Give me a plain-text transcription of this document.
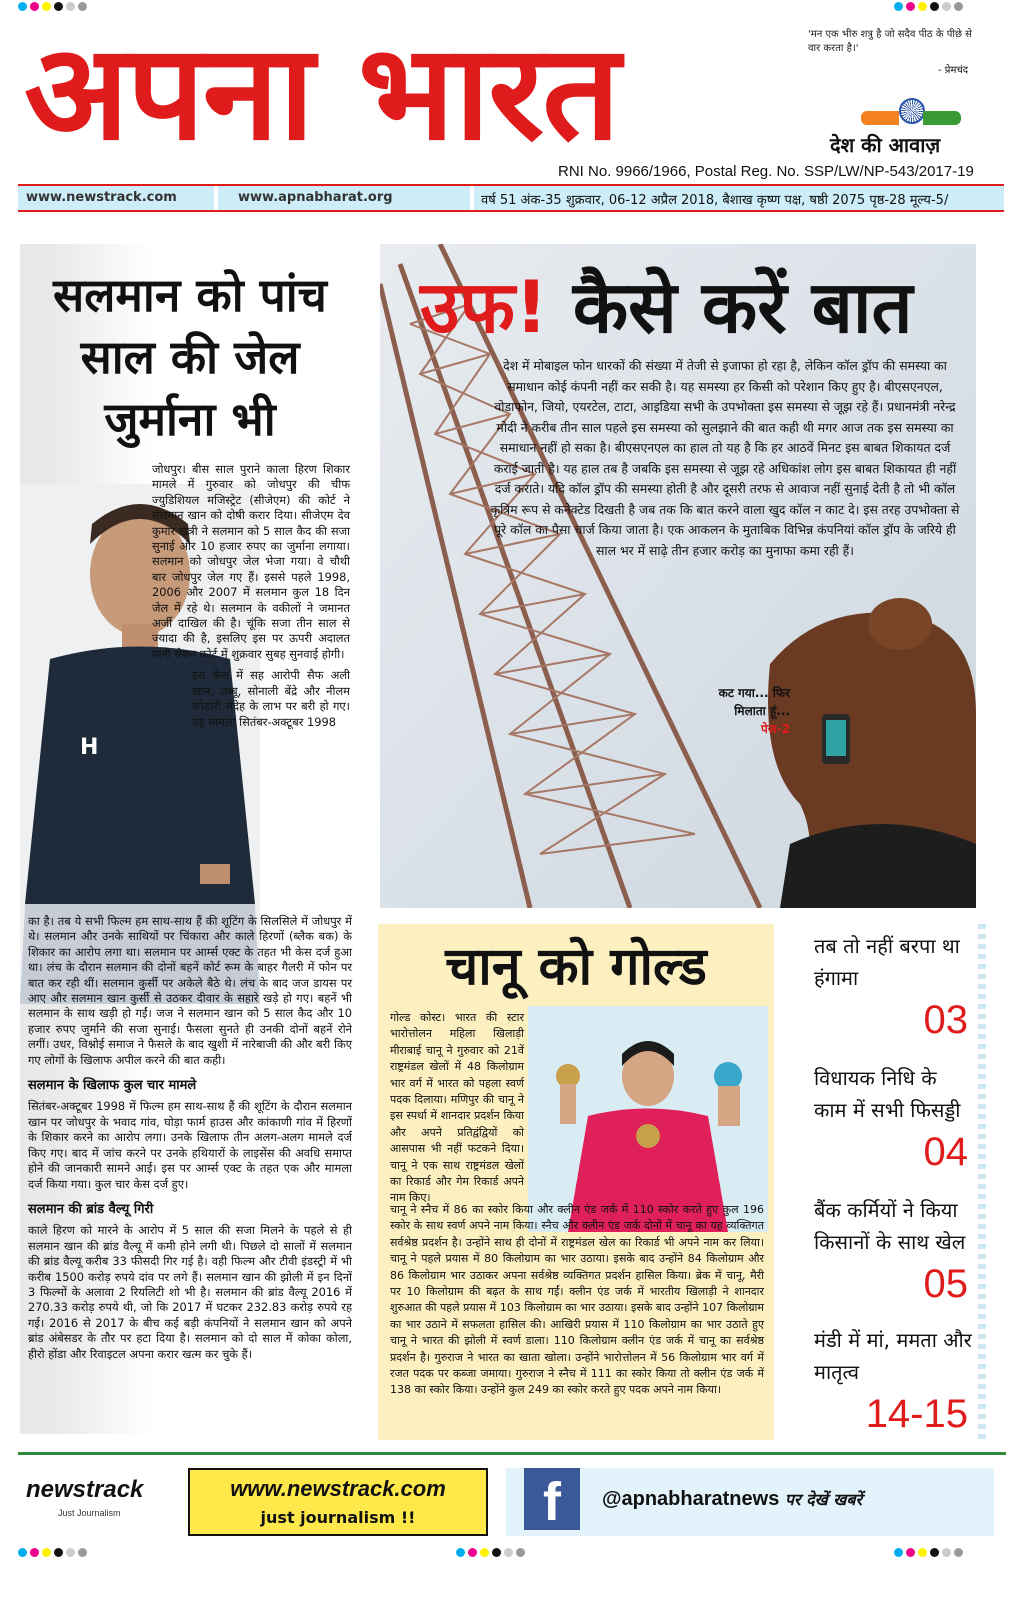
अपना भारत	'मन एक भीरु शत्रु है जो सदैव पीठ के पीछे से वार करता है।'
- प्रेमचंद
देश की आवाज़
RNI No. 9966/1966, Postal Reg. No. SSP/LW/NP-543/2017-19
www.newstrack.com	www.apnabharat.org	वर्ष 51 अंक-35 शुक्रवार, 06-12 अप्रैल 2018, बैशाख कृष्ण पक्ष, षष्ठी 2075 पृष्ठ-28 मूल्य-5/
सलमान को पांच साल की जेल जुर्माना भी
H

जोधपुर। बीस साल पुराने काला हिरण शिकार मामले में गुरुवार को जोधपुर की चीफ ज्युडिशियल मजिस्ट्रेट (सीजेएम) की कोर्ट ने सलमान खान को दोषी करार दिया। सीजेएम देव कुमार खत्री ने सलमान को 5 साल कैद की सजा सुनाई और 10 हजार रुपए का जुर्माना लगाया। सलमान को जोधपुर जेल भेजा गया। वे चौथी बार जोधपुर जेल गए हैं। इससे पहले 1998, 2006 और 2007 में सलमान कुल 18 दिन जेल में रहे थे। सलमान के वकीलों ने जमानत अर्जी दाखिल की है। चूंकि सजा तीन साल से ज्यादा की है, इसलिए इस पर ऊपरी अदालत यानी सेशन कोर्ट में शुक्रवार सुबह सुनवाई होगी।

इस केस में सह आरोपी सैफ अली खान, तब्बू, सोनाली बेंद्रे और नीलम कोठारी संदेह के लाभ पर बरी हो गए। यह मामला सितंबर-अक्टूबर 1998

का है। तब ये सभी फिल्म हम साथ-साथ हैं की शूटिंग के सिलसिले में जोधपुर में थे। सलमान और उनके साथियों पर चिंकारा और काले हिरणों (ब्लैक बक) के शिकार का आरोप लगा था। सलमान पर आर्म्स एक्ट के तहत भी केस दर्ज हुआ था। लंच के दौरान सलमान की दोनों बहनें कोर्ट रूम के बाहर गैलरी में फोन पर बात कर रही थीं। सलमान कुर्सी पर अकेले बैठे थे। लंच के बाद जज डायस पर आए और सलमान खान कुर्सी से उठकर दीवार के सहारे खड़े हो गए। बहनें भी सलमान के साथ खड़ी हो गईं। जज ने सलमान खान को 5 साल कैद और 10 हजार रुपए जुर्माने की सजा सुनाई। फैसला सुनते ही उनकी दोनों बहनें रोने लगीं। उधर, विश्नोई समाज ने फैसले के बाद खुशी में नारेबाजी की और बरी किए गए लोगों के खिलाफ अपील करने की बात कही।

सलमान के खिलाफ कुल चार मामले

सितंबर-अक्टूबर 1998 में फिल्म हम साथ-साथ हैं की शूटिंग के दौरान सलमान खान पर जोधपुर के भवाद गांव, घोड़ा फार्म हाउस और कांकाणी गांव में हिरणों के शिकार करने का आरोप लगा। उनके खिलाफ तीन अलग-अलग मामले दर्ज किए गए। बाद में जांच करने पर उनके हथियारों के लाइसेंस की अवधि समाप्त होने की जानकारी सामने आई। इस पर आर्म्स एक्ट के तहत एक और मामला दर्ज किया गया। कुल चार केस दर्ज हुए।

सलमान की ब्रांड वैल्यू गिरी

काले हिरण को मारने के आरोप में 5 साल की सजा मिलने के पहले से ही सलमान खान की ब्रांड वैल्यू में कमी होने लगी थी। पिछले दो सालों में सलमान की ब्रांड वैल्यू करीब 33 फीसदी गिर गई है। वही फिल्म और टीवी इंडस्ट्री में भी करीब 1500 करोड़ रुपये दांव पर लगे हैं। सलमान खान की झोली में इन दिनों 3 फिल्मों के अलावा 2 रियलिटी शो भी है। सलमान की ब्रांड वैल्यू 2016 में 270.33 करोड़ रुपये थी, जो कि 2017 में घटकर 232.83 करोड़ रुपये रह गई। 2016 से 2017 के बीच कई बड़ी कंपनियों ने सलमान खान को अपने ब्रांड अंबेसडर के तौर पर हटा दिया है। सलमान को दो साल में कोका कोला, हीरो होंडा और रिवाइटल अपना करार खत्म कर चुके हैं।

उफ! कैसे करें बात
देश में मोबाइल फोन धारकों की संख्या में तेजी से इजाफा हो रहा है, लेकिन कॉल ड्रॉप की समस्या का समाधान कोई कंपनी नहीं कर सकी है। यह समस्या हर किसी को परेशान किए हुए है। बीएसएनएल, वोडाफोन, जियो, एयरटेल, टाटा, आइडिया सभी के उपभोक्ता इस समस्या से जूझ रहे हैं। प्रधानमंत्री नरेन्द्र मोदी ने करीब तीन साल पहले इस समस्या को सुलझाने की बात कही थी मगर आज तक इस समस्या का समाधान नहीं हो सका है। बीएसएनएल का हाल तो यह है कि हर आठवें मिनट इस बाबत शिकायत दर्ज कराई जाती है। यह हाल तब है जबकि इस समस्या से जूझ रहे अधिकांश लोग इस बाबत शिकायत ही नहीं दर्ज कराते। यदि कॉल ड्रॉप की समस्या होती है और दूसरी तरफ से आवाज नहीं सुनाई देती है तो भी कॉल कृत्रिम रूप से कनेक्टेड दिखती है जब तक कि बात करने वाला खुद कॉल न काट दे। इस तरह उपभोक्ता से पूरे कॉल का पैसा चार्ज किया जाता है। एक आकलन के मुताबिक विभिन्न कंपनियां कॉल ड्रॉप के जरिये ही साल भर में साढ़े तीन हजार करोड़ का मुनाफा कमा रही हैं।
कट गया... फिर मिलाता हूं...
पेज-2
चानू को गोल्ड
गोल्ड कोस्ट। भारत की स्टार भारोत्तोलन महिला खिलाड़ी मीराबाई चानू ने गुरुवार को 21वें राष्ट्रमंडल खेलों में 48 किलोग्राम भार वर्ग में भारत को पहला स्वर्ण पदक दिलाया। मणिपुर की चानू ने इस स्पर्धा में शानदार प्रदर्शन किया और अपने प्रतिद्वंद्वियों को आसपास भी नहीं फटकने दिया। चानू ने एक साथ राष्ट्रमंडल खेलों का रिकार्ड और गेम रिकार्ड अपने नाम किए।
चानू ने स्नैच में 86 का स्कोर किया और क्लीन एंड जर्क में 110 स्कोर करते हुए कुल 196 स्कोर के साथ स्वर्ण अपने नाम किया। स्नैच और क्लीन एंड जर्क दोनों में चानू का यह व्यक्तिगत सर्वश्रेष्ठ प्रदर्शन है। उन्होंने साथ ही दोनों में राष्ट्रमंडल खेल का रिकार्ड भी अपने नाम कर लिया। चानू ने पहले प्रयास में 80 किलोग्राम का भार उठाया। इसके बाद उन्होंने 84 किलोग्राम और 86 किलोग्राम भार उठाकर अपना सर्वश्रेष्ठ व्यक्तिगत प्रदर्शन हासिल किया। ब्रेक में चानू, मैरी पर 10 किलोग्राम की बढ़त के साथ गईं। क्लीन एंड जर्क में भारतीय खिलाड़ी ने शानदार शुरुआत की पहले प्रयास में 103 किलोग्राम का भार उठाया। इसके बाद उन्होंने 107 किलोग्राम का भार उठाने में सफलता हासिल की। आखिरी प्रयास में 110 किलोग्राम का भार उठाते हुए चानू ने भारत की झोली में स्वर्ण डाला। 110 किलोग्राम क्लीन एंड जर्क में चानू का सर्वश्रेष्ठ प्रदर्शन है। गुरुराज ने भारत का खाता खोला। उन्होंने भारोत्तोलन में 56 किलोग्राम भार वर्ग में रजत पदक पर कब्जा जमाया। गुरुराज ने स्नैच में 111 का स्कोर किया तो क्लीन एंड जर्क में 138 का स्कोर किया। उन्होंने कुल 249 का स्कोर करते हुए पदक अपने नाम किया।
तब तो नहीं बरपा था हंगामा
03
विधायक निधि के काम में सभी फिसड्डी
04
बैंक कर्मियों ने किया किसानों के साथ खेल
05
मंडी में मां, ममता और मातृत्व
14-15
newstrack
Just Journalism
www.newstrack.com
just journalism !!	f	@apnabharatnews पर देखें खबरें
